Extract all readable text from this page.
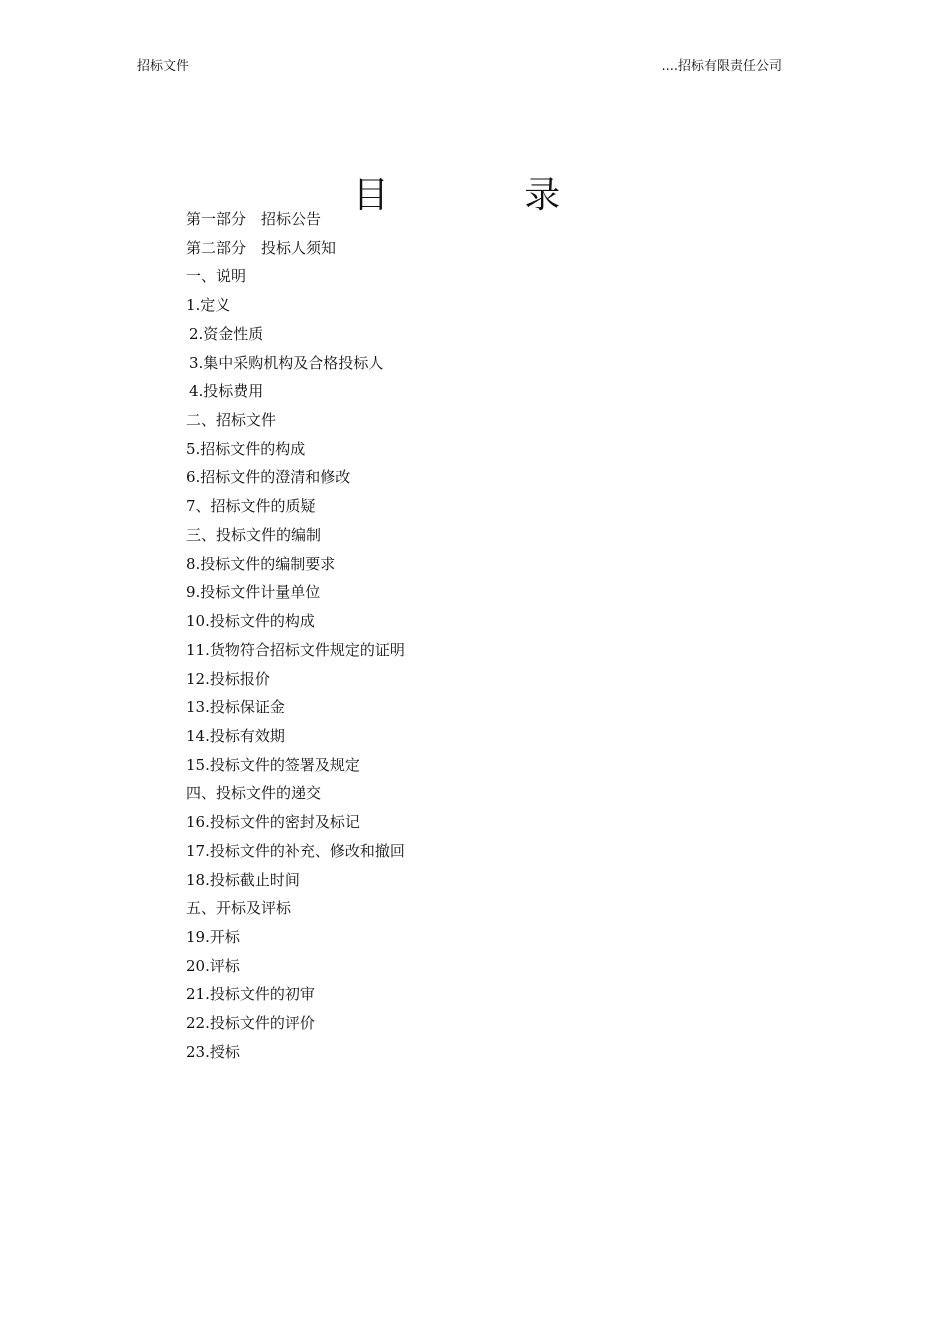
招标文件	....招标有限责任公司
目 录
第一部分　招标公告
第二部分　投标人须知
一、说明
1.定义
2.资金性质
3.集中采购机构及合格投标人
4.投标费用
二、招标文件
5.招标文件的构成
6.招标文件的澄清和修改
7、招标文件的质疑
三、投标文件的编制
8.投标文件的编制要求
9.投标文件计量单位
10.投标文件的构成
11.货物符合招标文件规定的证明
12.投标报价
13.投标保证金
14.投标有效期
15.投标文件的签署及规定
四、投标文件的递交
16.投标文件的密封及标记
17.投标文件的补充、修改和撤回
18.投标截止时间
五、开标及评标
19.开标
20.评标
21.投标文件的初审
22.投标文件的评价
23.授标
